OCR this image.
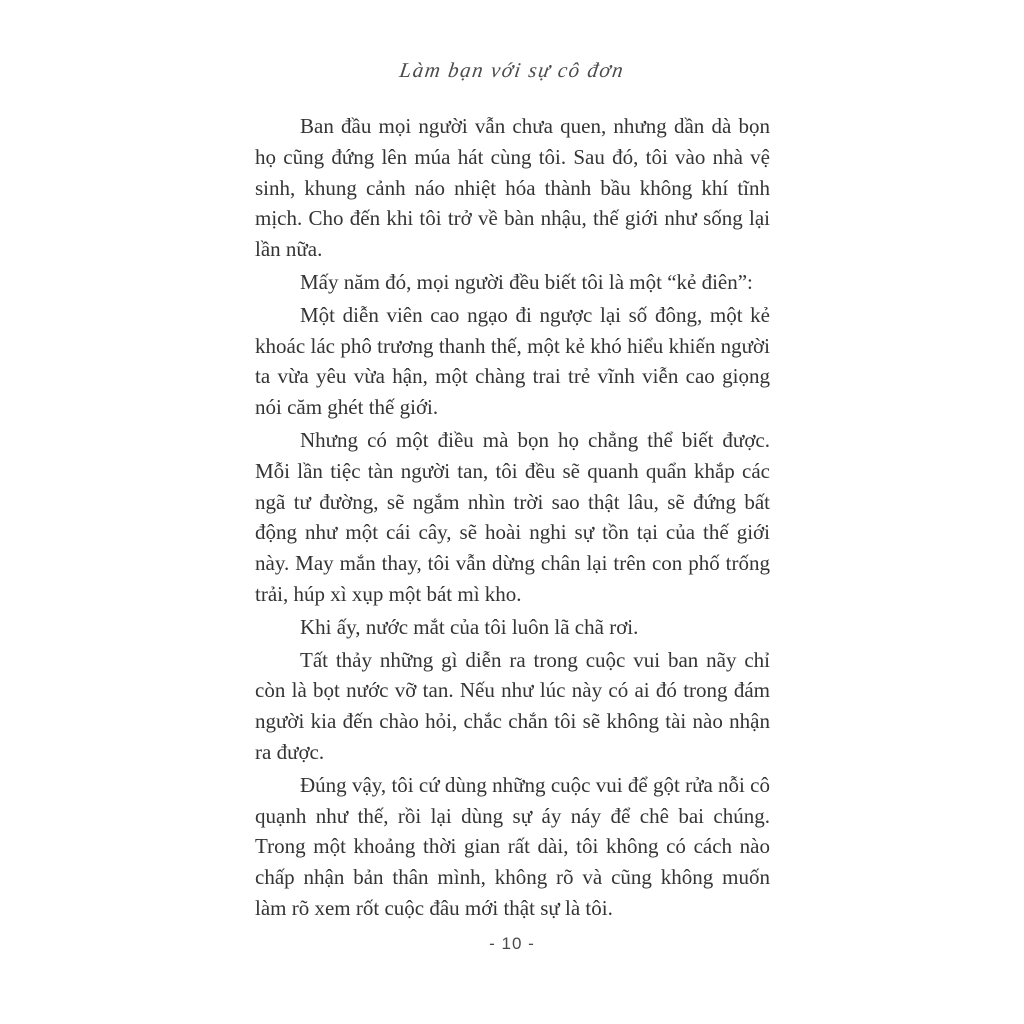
Làm bạn với sự cô đơn

Ban đầu mọi người vẫn chưa quen, nhưng dần dà bọn họ cũng đứng lên múa hát cùng tôi. Sau đó, tôi vào nhà vệ sinh, khung cảnh náo nhiệt hóa thành bầu không khí tĩnh mịch. Cho đến khi tôi trở về bàn nhậu, thế giới như sống lại lần nữa.

Mấy năm đó, mọi người đều biết tôi là một “kẻ điên”:

Một diễn viên cao ngạo đi ngược lại số đông, một kẻ khoác lác phô trương thanh thế, một kẻ khó hiểu khiến người ta vừa yêu vừa hận, một chàng trai trẻ vĩnh viễn cao giọng nói căm ghét thế giới.

Nhưng có một điều mà bọn họ chẳng thể biết được. Mỗi lần tiệc tàn người tan, tôi đều sẽ quanh quẩn khắp các ngã tư đường, sẽ ngắm nhìn trời sao thật lâu, sẽ đứng bất động như một cái cây, sẽ hoài nghi sự tồn tại của thế giới này. May mắn thay, tôi vẫn dừng chân lại trên con phố trống trải, húp xì xụp một bát mì kho.

Khi ấy, nước mắt của tôi luôn lã chã rơi.

Tất thảy những gì diễn ra trong cuộc vui ban nãy chỉ còn là bọt nước vỡ tan. Nếu như lúc này có ai đó trong đám người kia đến chào hỏi, chắc chắn tôi sẽ không tài nào nhận ra được.

Đúng vậy, tôi cứ dùng những cuộc vui để gột rửa nỗi cô quạnh như thế, rồi lại dùng sự áy náy để chê bai chúng. Trong một khoảng thời gian rất dài, tôi không có cách nào chấp nhận bản thân mình, không rõ và cũng không muốn làm rõ xem rốt cuộc đâu mới thật sự là tôi.

- 10 -
